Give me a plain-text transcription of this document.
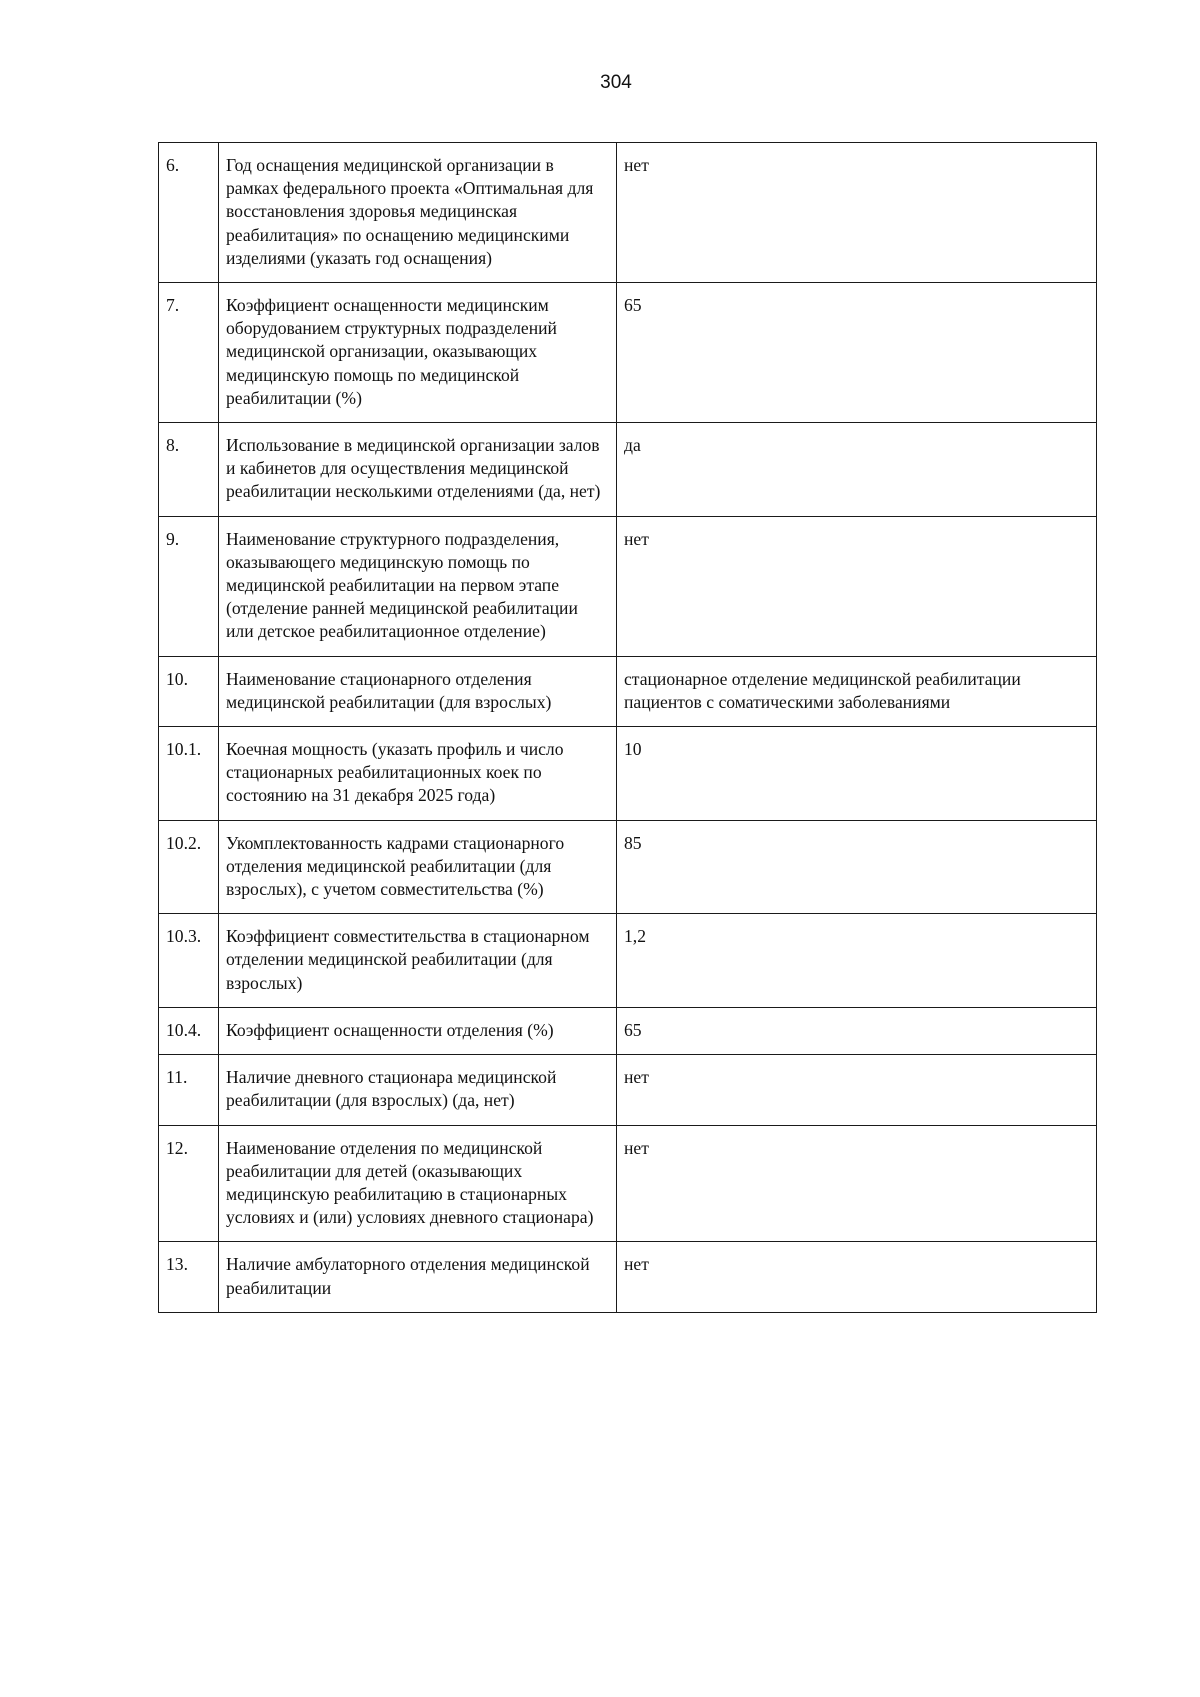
304
6.	Год оснащения медицинской организации в рамках федерального проекта «Оптимальная для восстановления здоровья медицинская реабилитация» по оснащению медицинскими изделиями (указать год оснащения)	нет
7.	Коэффициент оснащенности медицинским оборудованием структурных подразделений медицинской организации, оказывающих медицинскую помощь по медицинской реабилитации (%)	65
8.	Использование в медицинской организации залов и кабинетов для осуществления медицинской реабилитации несколькими отделениями (да, нет)	да
9.	Наименование структурного подразделения, оказывающего медицинскую помощь по медицинской реабилитации на первом этапе (отделение ранней медицинской реабилитации или детское реабилитационное отделение)	нет
10.	Наименование стационарного отделения медицинской реабилитации (для взрослых)	стационарное отделение медицинской реабилитации пациентов с соматическими заболеваниями
10.1.	Коечная мощность (указать профиль и число стационарных реабилитационных коек по состоянию на 31 декабря 2025 года)	10
10.2.	Укомплектованность кадрами стационарного отделения медицинской реабилитации (для взрослых), с учетом совместительства (%)	85
10.3.	Коэффициент совместительства в стационарном отделении медицинской реабилитации (для взрослых)	1,2
10.4.	Коэффициент оснащенности отделения (%)	65
11.	Наличие дневного стационара медицинской реабилитации (для взрослых) (да, нет)	нет
12.	Наименование отделения по медицинской реабилитации для детей (оказывающих медицинскую реабилитацию в стационарных условиях и (или) условиях дневного стационара)	нет
13.	Наличие амбулаторного отделения медицинской реабилитации	нет
